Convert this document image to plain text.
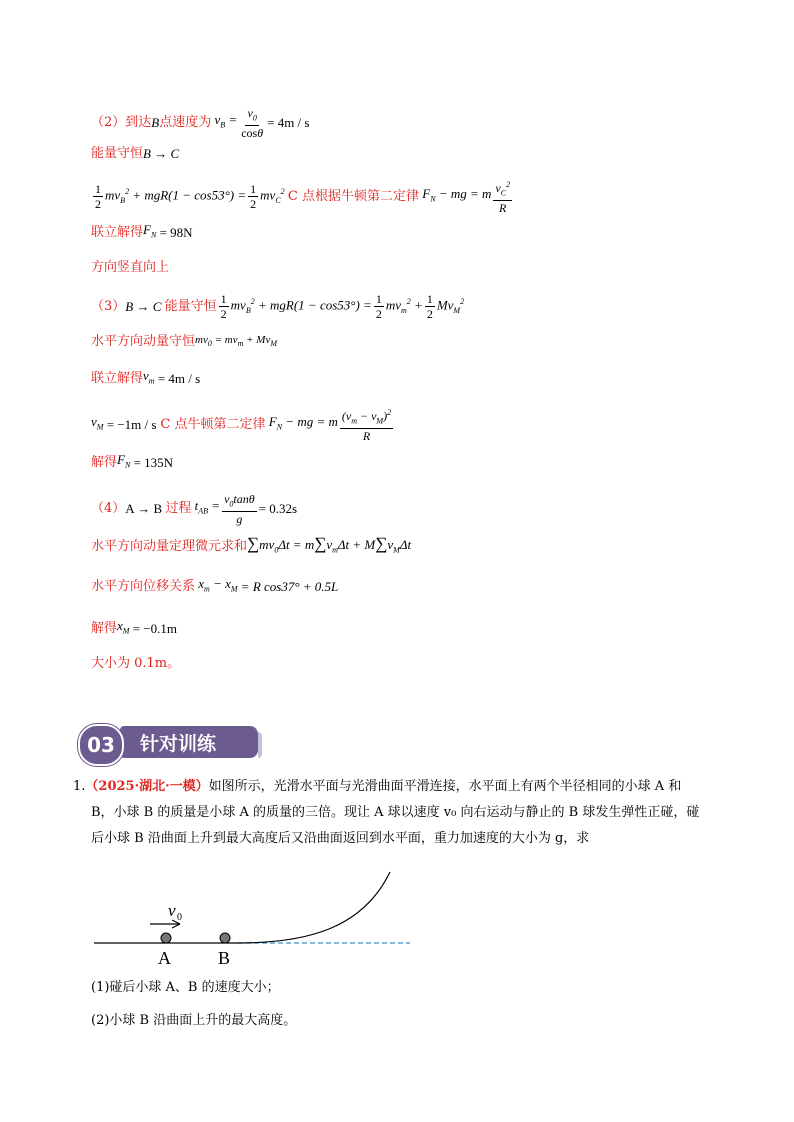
（2）到达 B 点速度为 $v_B = \frac{v_0}{\cos\theta} = 4m / s$
能量守恒 B → C
$\frac{1}{2} mv_B^2 + mgR(1 - \cos 53^\circ) = \frac{1}{2} mv_C^2$ C 点根据牛顿第二定律 $F_N$ − mg = m $\frac{v_C^2}{R}$
联立解得 $F_N = 98N$
方向竖直向上
（3） B → C 能量守恒 $\frac{1}{2} mv_B^2 + mgR(1 - \cos 53^\circ) = \frac{1}{2} mv_m^2 + \frac{1}{2} Mv_M^2$
水平方向动量守恒 $mv_0 = mv_m + Mv_M$
联立解得 $v_m = 4m / s$
$v_M = -1m / s$ C 点牛顿第二定律 $F_N$ − mg = m $\frac{(v_m - v_M)^2}{R}$
解得 $F_N = 135N$
（4） A → B 过程 $t_{AB} = \frac{v_0\tan\theta}{g} = 0.32s$
水平方向动量定理微元求和 $\sum mv_0\Delta t = m\sum v_m\Delta t + M\sum v_M\Delta t$
水平方向位移关系 $x_m - x_M = R$ cos37° + 0.5L
解得 $x_M = -0.1m$
大小为 0.1m。
针对训练
03
1.（2025·湖北·一模）如图所示，光滑水平面与光滑曲面平滑连接，水平面上有两个半径相同的小球 A 和
B，小球 B 的质量是小球 A 的质量的三倍。现让 A 球以速度 v₀ 向右运动与静止的 B 球发生弹性正碰，碰
后小球 B 沿曲面上升到最大高度后又沿曲面返回到水平面，重力加速度的大小为 g，求
v 0
A	B
(1)碰后小球 A、B 的速度大小；
(2)小球 B 沿曲面上升的最大高度。
